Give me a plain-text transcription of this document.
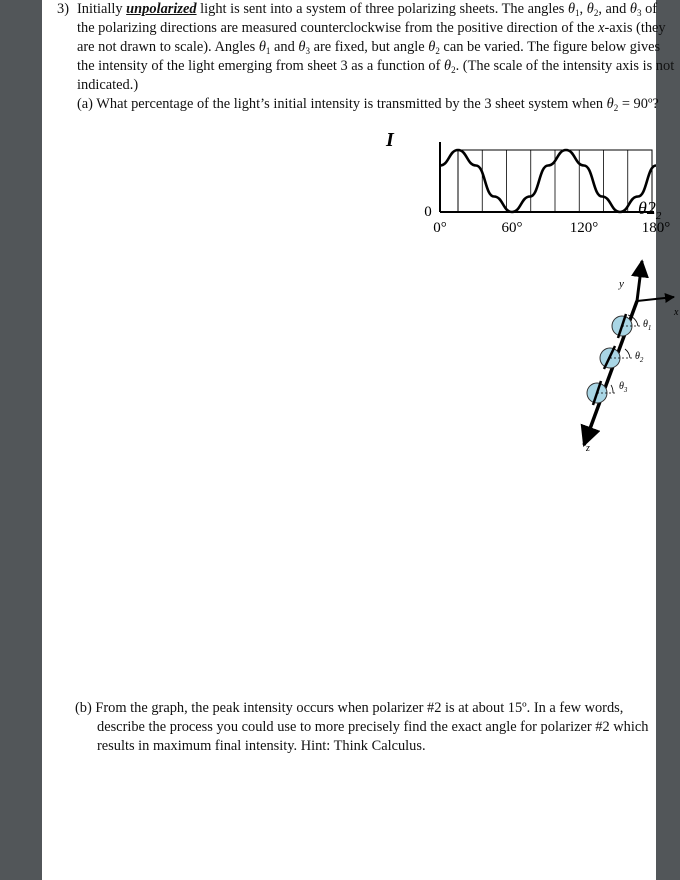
3) Initially unpolarized light is sent into a system of three polarizing sheets. The angles $\theta_1$, $\theta_2$, and $\theta_3$ of
the polarizing directions are measured counterclockwise from the positive direction of the x-axis (they
are not drawn to scale). Angles $\theta_1$ and $\theta_3$ are fixed, but angle $\theta_2$ can be varied. The figure below gives
the intensity of the light emerging from sheet 3 as a function of $\theta_2$. (The scale of the intensity axis is not
indicated.)
(a) What percentage of the light’s initial intensity is transmitted by the 3 sheet system when $\theta_2$ = 90º?
I
0°	60°	120°	180°
0	$\theta 2_2$
x
y
z
$\theta_1$
$\theta_2$
$\theta_3$
(b) From the graph, the peak intensity occurs when polarizer #2 is at about 15º. In a few words,
describe the process you could use to more precisely find the exact angle for polarizer #2 which
results in maximum final intensity. Hint: Think Calculus.
